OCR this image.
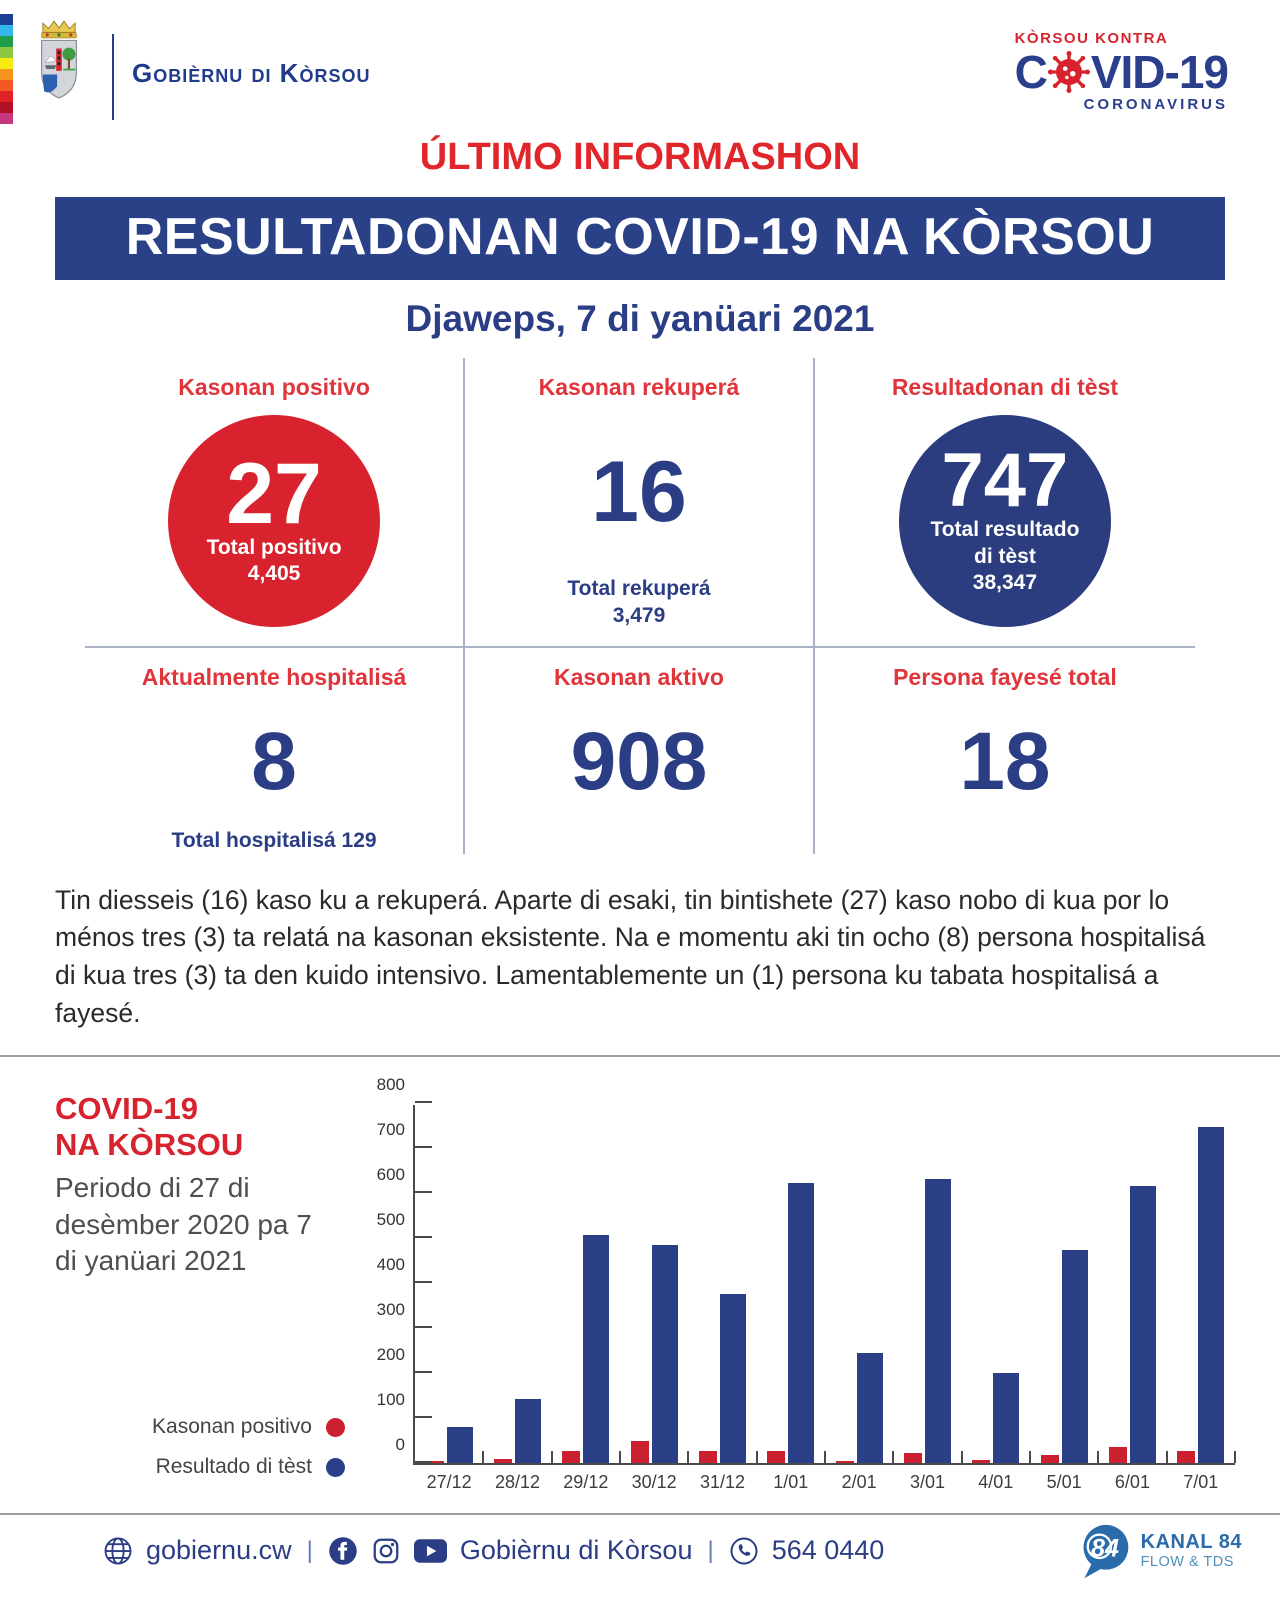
Gobièrnu di Kòrsou
KÒRSOU KONTRA
C VID-19
CORONAVIRUS
ÚLTIMO INFORMASHON
RESULTADONAN COVID-19 NA KÒRSOU
Djaweps, 7 di yanüari 2021
Kasonan positivo
27
Total positivo
4,405
Kasonan rekuperá
16
Total rekuperá
3,479
Resultadonan di tèst
747
Total resultado
di tèst
38,347
Aktualmente hospitalisá
8
Total hospitalisá 129
Kasonan aktivo
908
Persona fayesé total
18

Tin diesseis (16) kaso ku a rekuperá. Aparte di esaki, tin bintishete (27) kaso nobo di kua por lo ménos tres (3) ta relatá na kasonan eksistente. Na e momentu aki tin ocho (8) persona hospitalisá di kua tres (3) ta den kuido intensivo. Lamentablemente un (1) persona ku tabata hospitalisá a fayesé.

COVID-19
NA KÒRSOU
Periodo di 27 di desèmber 2020 pa 7 di yanüari 2021
Kasonan positivo
Resultado di tèst
27/12	28/12	29/12	30/12	31/12	1/01	2/01	3/01	4/01	5/01	6/01	7/01
0
100
200
300
400
500
600
700
800
gobiernu.cw |	Gobièrnu di Kòrsou | 564 0440	84 KANAL 84
FLOW & TDS
